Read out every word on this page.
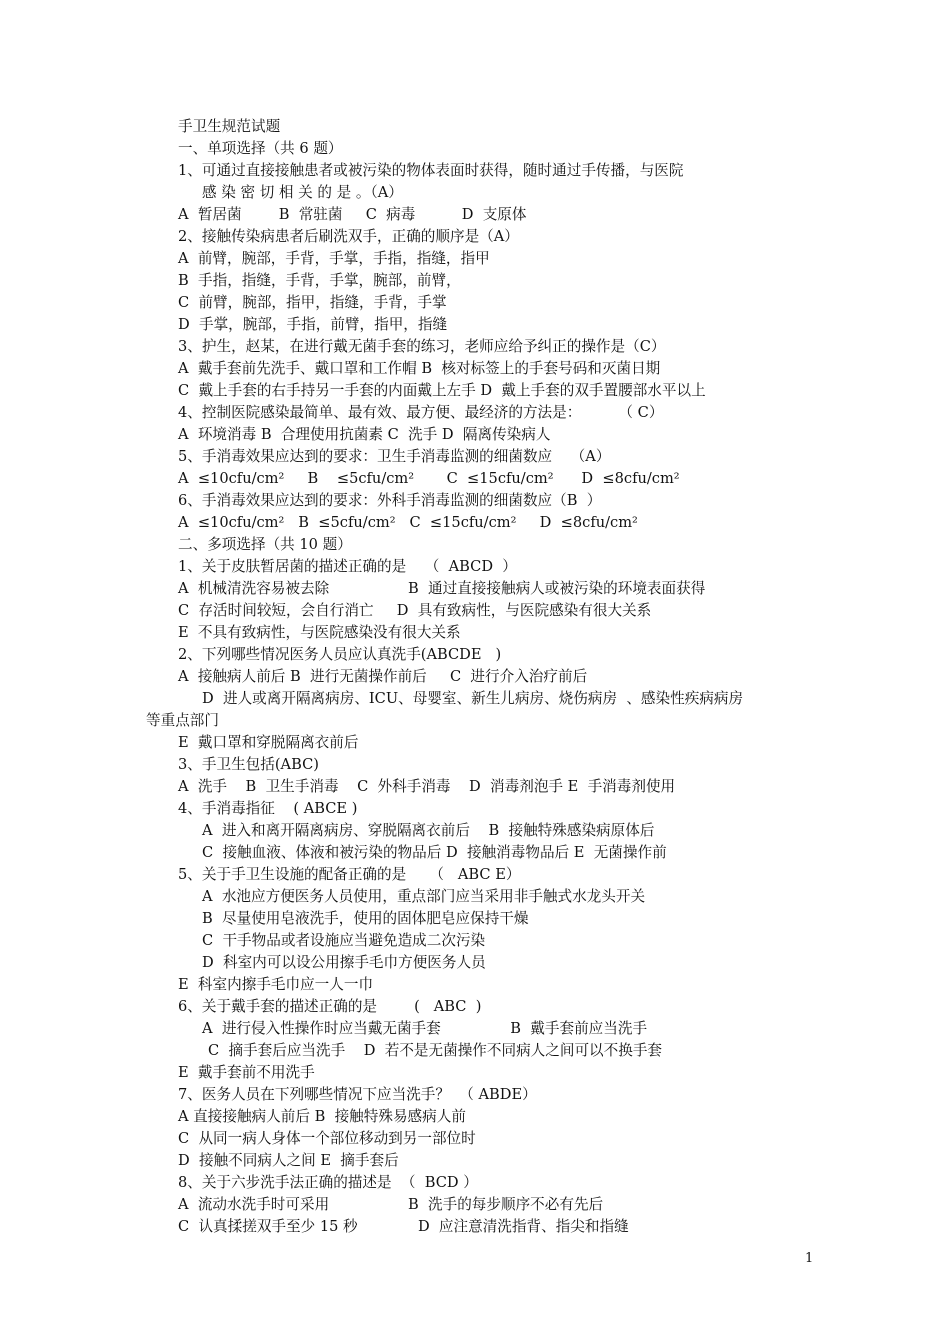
手卫生规范试题
一、单项选择（共 6 题）
1、可通过直接接触患者或被污染的物体表面时获得，随时通过手传播，与医院
感 染 密 切 相 关 的 是 。（A）
A  暂居菌        B  常驻菌     C  病毒          D  支原体
2、接触传染病患者后刷洗双手，正确的顺序是（A）
A  前臂，腕部，手背，手掌，手指，指缝，指甲
B  手指，指缝，手背，手掌，腕部，前臂，
C  前臂，腕部，指甲，指缝，手背，手掌
D  手掌，腕部，手指，前臂，指甲，指缝
3、护生，赵某，在进行戴无菌手套的练习，老师应给予纠正的操作是（C）
A  戴手套前先洗手、戴口罩和工作帽 B  核对标签上的手套号码和灭菌日期
C  戴上手套的右手持另一手套的内面戴上左手 D  戴上手套的双手置腰部水平以上
4、控制医院感染最简单、最有效、最方便、最经济的方法是：        （ C）
A  环境消毒 B  合理使用抗菌素 C  洗手 D  隔离传染病人
5、手消毒效果应达到的要求：卫生手消毒监测的细菌数应    （A）
A  ≤10cfu/cm²     B    ≤5cfu/cm²       C  ≤15cfu/cm²      D  ≤8cfu/cm²
6、手消毒效果应达到的要求：外科手消毒监测的细菌数应（B  ）
A  ≤10cfu/cm²   B  ≤5cfu/cm²   C  ≤15cfu/cm²     D  ≤8cfu/cm²
二、多项选择（共 10 题）
1、关于皮肤暂居菌的描述正确的是    （  ABCD  ）
A  机械清洗容易被去除                 B  通过直接接触病人或被污染的环境表面获得
C  存活时间较短，会自行消亡     D  具有致病性，与医院感染有很大关系
E  不具有致病性，与医院感染没有很大关系
2、下列哪些情况医务人员应认真洗手(ABCDE   )
A  接触病人前后 B  进行无菌操作前后     C  进行介入治疗前后
D  进人或离开隔离病房、ICU、母婴室、新生儿病房、烧伤病房  、感染性疾病病房
等重点部门
E  戴口罩和穿脱隔离衣前后
3、手卫生包括(ABC)
A  洗手    B  卫生手消毒    C  外科手消毒    D  消毒剂泡手 E  手消毒剂使用
4、手消毒指征    ( ABCE )
A  进入和离开隔离病房、穿脱隔离衣前后    B  接触特殊感染病原体后
C  接触血液、体液和被污染的物品后 D  接触消毒物品后 E  无菌操作前
5、关于手卫生设施的配备正确的是     （   ABC E）
A  水池应方便医务人员使用，重点部门应当采用非手触式水龙头开关
B  尽量使用皂液洗手，使用的固体肥皂应保持干燥
C  干手物品或者设施应当避免造成二次污染
D  科室内可以设公用擦手毛巾方便医务人员
E  科室内擦手毛巾应一人一巾
6、关于戴手套的描述正确的是        (   ABC  )
A  进行侵入性操作时应当戴无菌手套               B  戴手套前应当洗手
C  摘手套后应当洗手    D  若不是无菌操作不同病人之间可以不换手套
E  戴手套前不用洗手
7、医务人员在下列哪些情况下应当洗手？  （ ABDE）
A 直接接触病人前后 B  接触特殊易感病人前
C  从同一病人身体一个部位移动到另一部位时
D  接触不同病人之间 E  摘手套后
8、关于六步洗手法正确的描述是  （  BCD ）
A  流动水洗手时可采用                 B  洗手的每步顺序不必有先后
C  认真揉搓双手至少 15 秒             D  应注意清洗指背、指尖和指缝
1
